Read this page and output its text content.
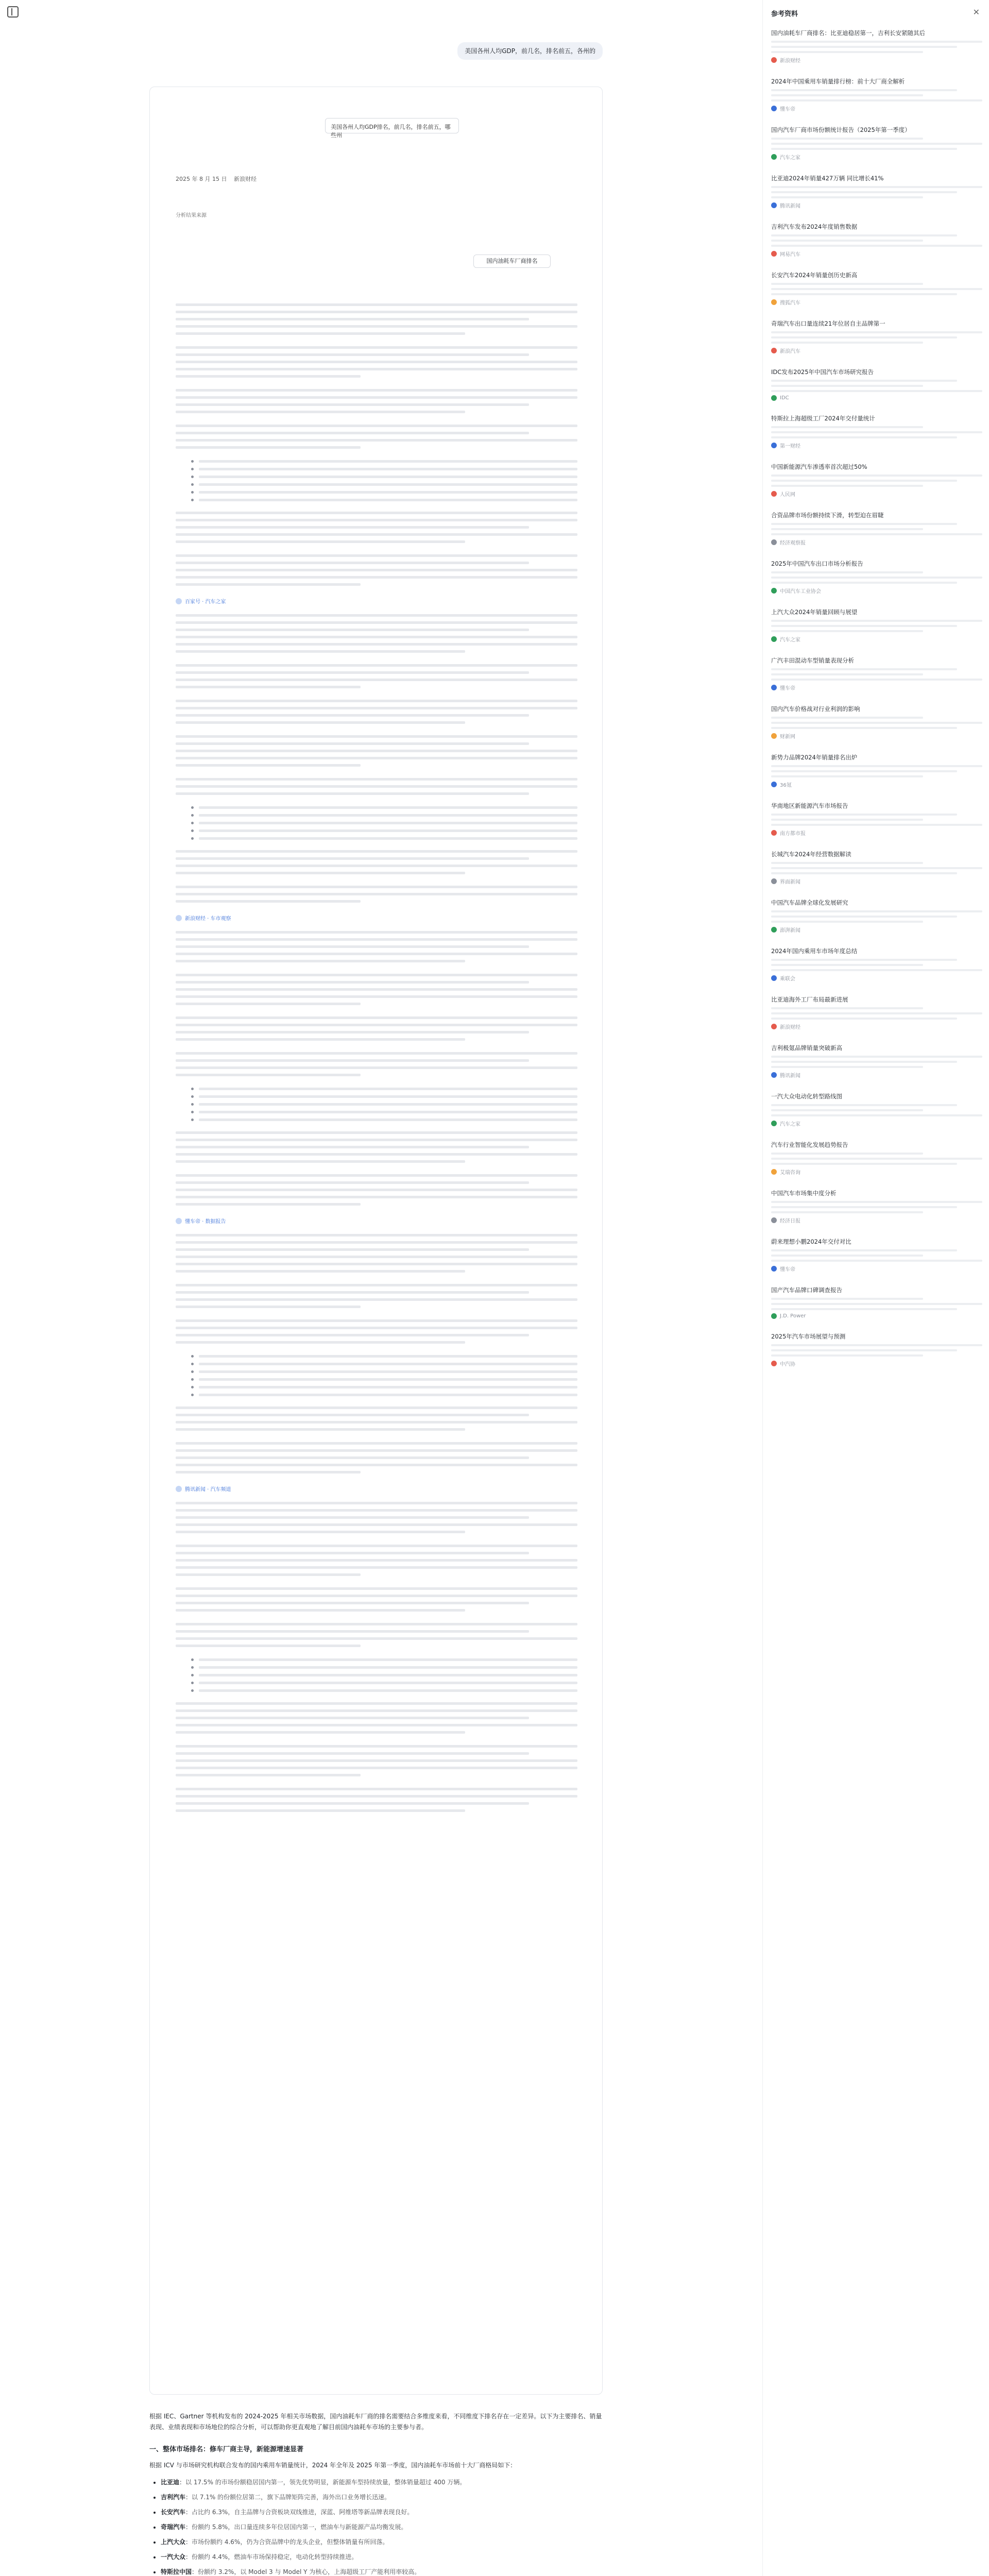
美国各州人均GDP，前几名，排名前五，各州的
美国各州人均GDP排名，前几名，排名前五，哪些州
2025 年 8 月 15 日 新浪财经
分析结果来源
国内油耗车厂商排名
百家号 · 汽车之家
新浪财经 · 车市观察
懂车帝 · 数据报告
腾讯新闻 · 汽车频道

根据 IEC、Gartner 等机构发布的 2024-2025 年相关市场数据，国内油耗车厂商的排名需要结合多维度来看，不同维度下排名存在一定差异。以下为主要排名、销量表现、业绩表现和市场地位的综合分析，可以帮助你更直观地了解目前国内油耗车市场的主要参与者。

一、整体市场排名：修车厂商主导，新能源增速显著

根据 ICV 与市场研究机构联合发布的国内乘用车销量统计，2024 年全年及 2025 年第一季度，国内油耗车市场前十大厂商格局如下：

• 比亚迪：以 17.5% 的市场份额稳居国内第一，领先优势明显，新能源车型持续放量，整体销量超过 400 万辆。
• 吉利汽车：以 7.1% 的份额位居第二，旗下品牌矩阵完善，海外出口业务增长迅速。
• 长安汽车：占比约 6.3%，自主品牌与合资板块双线推进，深蓝、阿维塔等新品牌表现良好。
• 奇瑞汽车：份额约 5.8%，出口量连续多年位居国内第一，燃油车与新能源产品均衡发展。
• 上汽大众：市场份额约 4.6%，仍为合资品牌中的龙头企业，但整体销量有所回落。
• 一汽大众：份额约 4.4%，燃油车市场保持稳定，电动化转型持续推进。
• 特斯拉中国：份额约 3.2%，以 Model 3 与 Model Y 为核心，上海超级工厂产能利用率较高。

参考资料	✕
国内油耗车厂商排名：比亚迪稳居第一，吉利长安紧随其后
新浪财经
2024年中国乘用车销量排行榜：前十大厂商全解析
懂车帝
国内汽车厂商市场份额统计报告（2025年第一季度）
汽车之家
比亚迪2024年销量427万辆 同比增长41%
腾讯新闻
吉利汽车发布2024年度销售数据
网易汽车
长安汽车2024年销量创历史新高
搜狐汽车
奇瑞汽车出口量连续21年位居自主品牌第一
新浪汽车
IDC发布2025年中国汽车市场研究报告
IDC
特斯拉上海超级工厂2024年交付量统计
第一财经
中国新能源汽车渗透率首次超过50%
人民网
合资品牌市场份额持续下滑，转型迫在眉睫
经济观察报
2025年中国汽车出口市场分析报告
中国汽车工业协会
上汽大众2024年销量回顾与展望
汽车之家
广汽丰田混动车型销量表现分析
懂车帝
国内汽车价格战对行业利润的影响
财新网
新势力品牌2024年销量排名出炉
36氪
华南地区新能源汽车市场报告
南方都市报
长城汽车2024年经营数据解读
界面新闻
中国汽车品牌全球化发展研究
澎湃新闻
2024年国内乘用车市场年度总结
乘联会
比亚迪海外工厂布局最新进展
新浪财经
吉利极氪品牌销量突破新高
腾讯新闻
一汽大众电动化转型路线图
汽车之家
汽车行业智能化发展趋势报告
艾瑞咨询
中国汽车市场集中度分析
经济日报
蔚来理想小鹏2024年交付对比
懂车帝
国产汽车品牌口碑调查报告
J.D. Power
2025年汽车市场展望与预测
中汽协
